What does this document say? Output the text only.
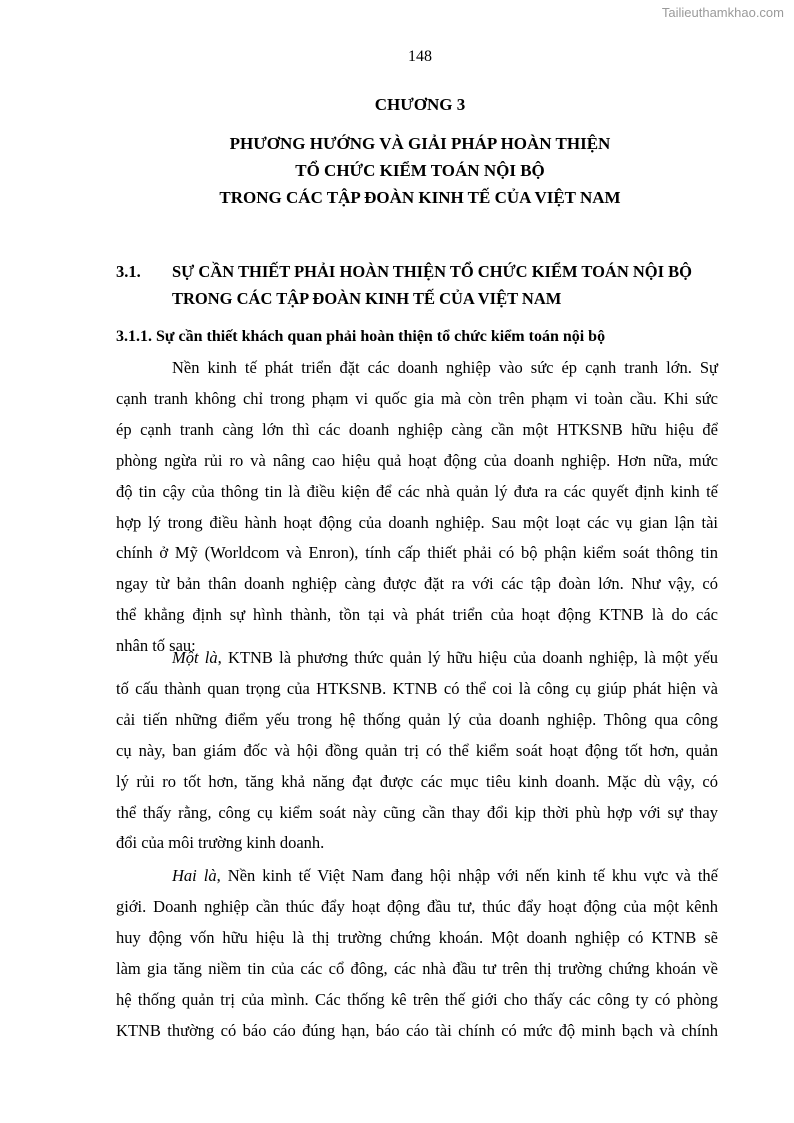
Tailieuthamkhao.com
148
CHƯƠNG 3
PHƯƠNG HƯỚNG VÀ GIẢI PHÁP HOÀN THIỆN
TỔ CHỨC KIỂM TOÁN NỘI BỘ
TRONG CÁC TẬP ĐOÀN KINH TẾ CỦA VIỆT NAM
3.1. SỰ CẦN THIẾT PHẢI HOÀN THIỆN TỔ CHỨC KIỂM TOÁN NỘI BỘ
TRONG CÁC TẬP ĐOÀN KINH TẾ CỦA VIỆT NAM
3.1.1. Sự cần thiết khách quan phải hoàn thiện tổ chức kiểm toán nội bộ
Nền kinh tế phát triển đặt các doanh nghiệp vào sức ép cạnh tranh lớn. Sự
cạnh tranh không chỉ trong phạm vi quốc gia mà còn trên phạm vi toàn cầu. Khi sức
ép cạnh tranh càng lớn thì các doanh nghiệp càng cần một HTKSNB hữu hiệu để
phòng ngừa rủi ro và nâng cao hiệu quả hoạt động của doanh nghiệp. Hơn nữa, mức
độ tin cậy của thông tin là điều kiện để các nhà quản lý đưa ra các quyết định kinh tế
hợp lý trong điều hành hoạt động của doanh nghiệp. Sau một loạt các vụ gian lận tài
chính ở Mỹ (Worldcom và Enron), tính cấp thiết phải có bộ phận kiểm soát thông tin
ngay từ bản thân doanh nghiệp càng được đặt ra với các tập đoàn lớn. Như vậy, có
thể khẳng định sự hình thành, tồn tại và phát triển của hoạt động KTNB là do các
nhân tố sau:
Một là, KTNB là phương thức quản lý hữu hiệu của doanh nghiệp, là một yếu
tố cấu thành quan trọng của HTKSNB. KTNB có thể coi là công cụ giúp phát hiện và
cải tiến những điểm yếu trong hệ thống quản lý của doanh nghiệp. Thông qua công
cụ này, ban giám đốc và hội đồng quản trị có thể kiểm soát hoạt động tốt hơn, quản
lý rủi ro tốt hơn, tăng khả năng đạt được các mục tiêu kinh doanh. Mặc dù vậy, có
thể thấy rằng, công cụ kiểm soát này cũng cần thay đổi kịp thời phù hợp với sự thay
đổi của môi trường kinh doanh.
Hai là, Nền kinh tế Việt Nam đang hội nhập với nến kinh tế khu vực và thế
giới. Doanh nghiệp cần thúc đẩy hoạt động đầu tư, thúc đẩy hoạt động của một kênh
huy động vốn hữu hiệu là thị trường chứng khoán. Một doanh nghiệp có KTNB sẽ
làm gia tăng niềm tin của các cổ đông, các nhà đầu tư trên thị trường chứng khoán về
hệ thống quản trị của mình. Các thống kê trên thế giới cho thấy các công ty có phòng
KTNB thường có báo cáo đúng hạn, báo cáo tài chính có mức độ minh bạch và chính
